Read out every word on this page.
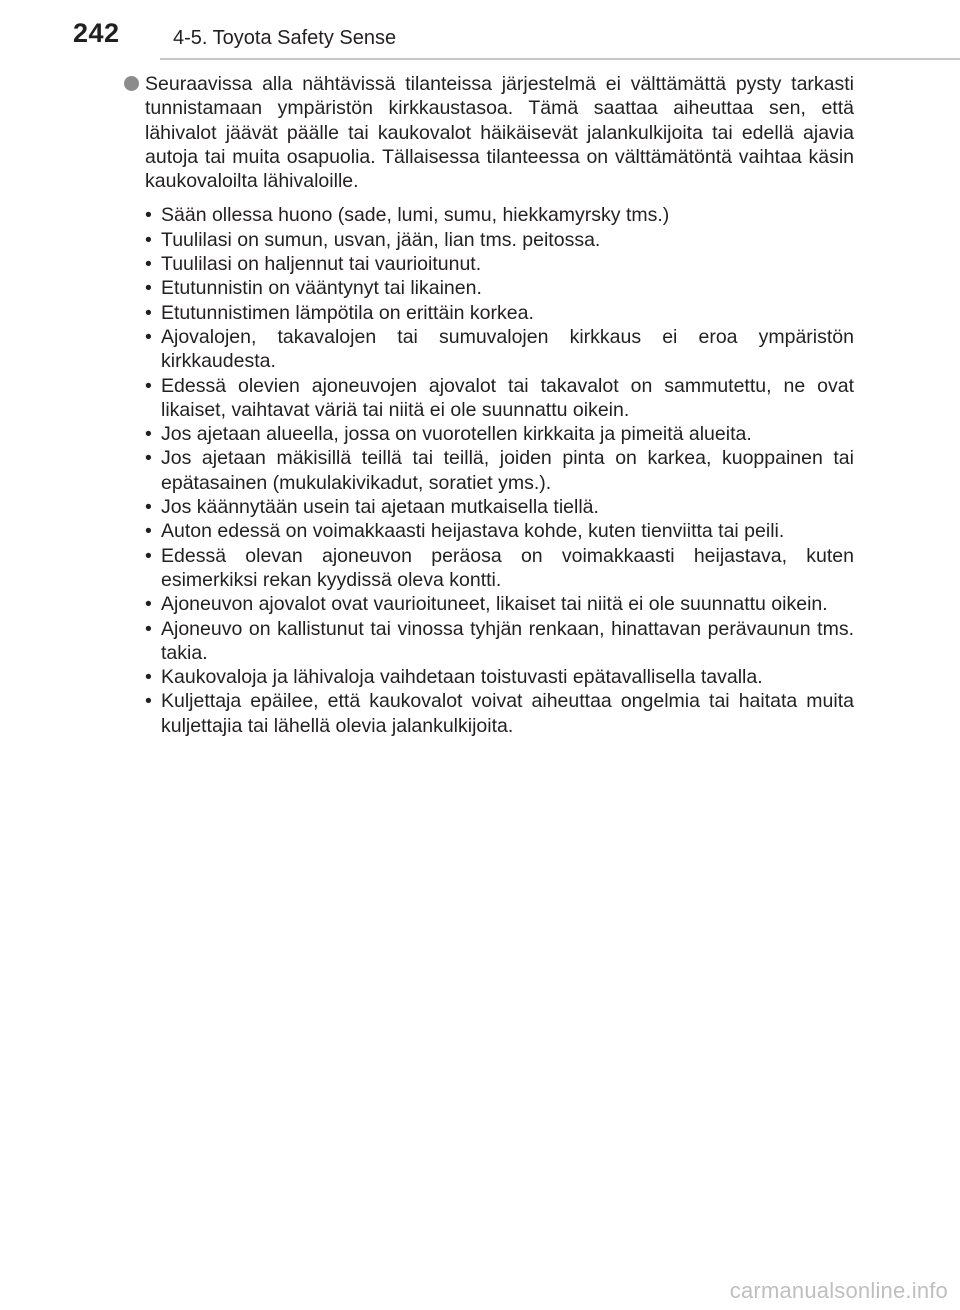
242	4-5. Toyota Safety Sense
Seuraavissa alla nähtävissä tilanteissa järjestelmä ei välttämättä pysty tarkasti tunnistamaan ympäristön kirkkaustasoa. Tämä saattaa aiheuttaa sen, että lähivalot jäävät päälle tai kaukovalot häikäisevät jalankulkijoita tai edellä ajavia autoja tai muita osapuolia. Tällaisessa tilanteessa on välttämätöntä vaihtaa käsin kaukovaloilta lähivaloille.
• Sään ollessa huono (sade, lumi, sumu, hiekkamyrsky tms.)
• Tuulilasi on sumun, usvan, jään, lian tms. peitossa.
• Tuulilasi on haljennut tai vaurioitunut.
• Etutunnistin on vääntynyt tai likainen.
• Etutunnistimen lämpötila on erittäin korkea.
• Ajovalojen, takavalojen tai sumuvalojen kirkkaus ei eroa ympäristön kirkkaudesta.
• Edessä olevien ajoneuvojen ajovalot tai takavalot on sammutettu, ne ovat likaiset, vaihtavat väriä tai niitä ei ole suunnattu oikein.
• Jos ajetaan alueella, jossa on vuorotellen kirkkaita ja pimeitä alueita.
• Jos ajetaan mäkisillä teillä tai teillä, joiden pinta on karkea, kuoppainen tai epätasainen (mukulakivikadut, soratiet yms.).
• Jos käännytään usein tai ajetaan mutkaisella tiellä.
• Auton edessä on voimakkaasti heijastava kohde, kuten tienviitta tai peili.
• Edessä olevan ajoneuvon peräosa on voimakkaasti heijastava, kuten esimerkiksi rekan kyydissä oleva kontti.
• Ajoneuvon ajovalot ovat vaurioituneet, likaiset tai niitä ei ole suunnattu oikein.
• Ajoneuvo on kallistunut tai vinossa tyhjän renkaan, hinattavan perävaunun tms. takia.
• Kaukovaloja ja lähivaloja vaihdetaan toistuvasti epätavallisella tavalla.
• Kuljettaja epäilee, että kaukovalot voivat aiheuttaa ongelmia tai haitata muita kuljettajia tai lähellä olevia jalankulkijoita.
carmanualsonline.info
